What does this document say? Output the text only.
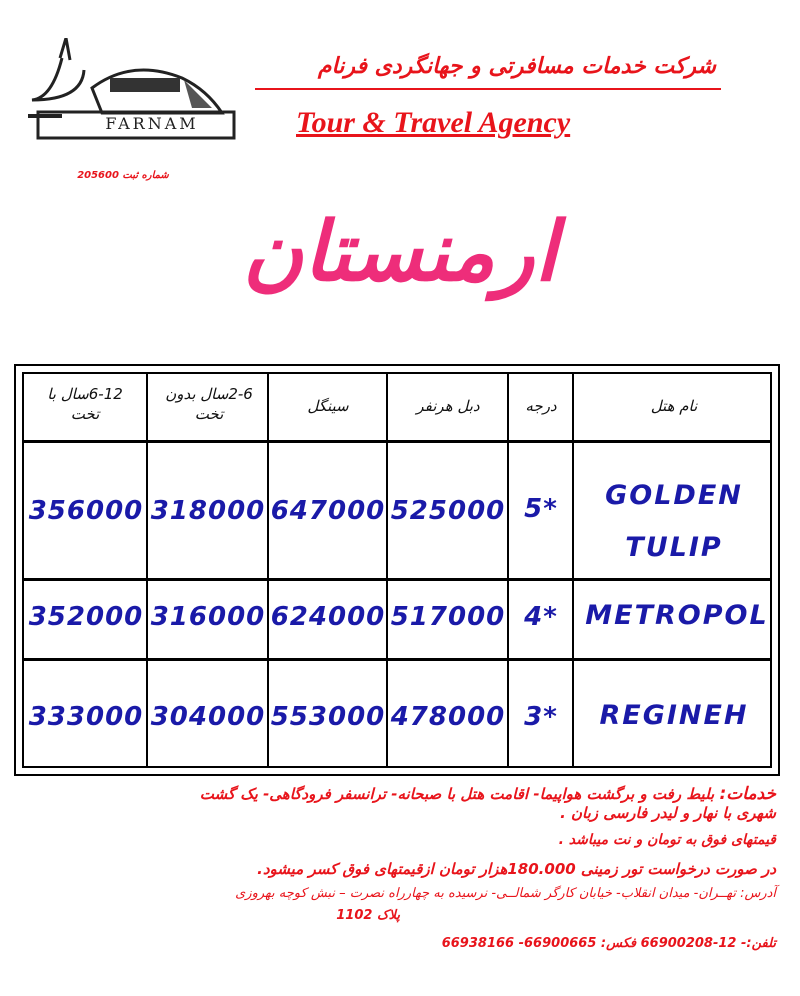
FARNAM
شرکت خدمات مسافرتی و جهانگردی فرنام
Tour & Travel Agency
شماره ثبت 205600
ارمنستان
نام هتل
درجه
دبل هرنفر
سینگل
2-6سال بدون تخت
6-12سال با تخت
GOLDEN TULIP
5*
525000
647000
318000
356000
METROPOL
4*
517000
624000
316000
352000
REGINEH
3*
478000
553000
304000
333000
خدمات: بلیط رفت و برگشت هواپیما- اقامت هتل با صبحانه- ترانسفر فرودگاهی- یک گشت
شهری با نهار و لیدر فارسی زبان .
قیمتهای فوق به تومان و نت میباشد .
در صورت درخواست تور زمینی 180.000هزار تومان ازقیمتهای فوق کسر میشود.
آدرس: تهــران- میدان انقلاب- خیابان کارگر شمالــی- نرسیده به چهارراه نصرت – نبش کوچه بهروزی
پلاک 1102
تلفن:- 12-66900208 فکس: 66900665- 66938166
